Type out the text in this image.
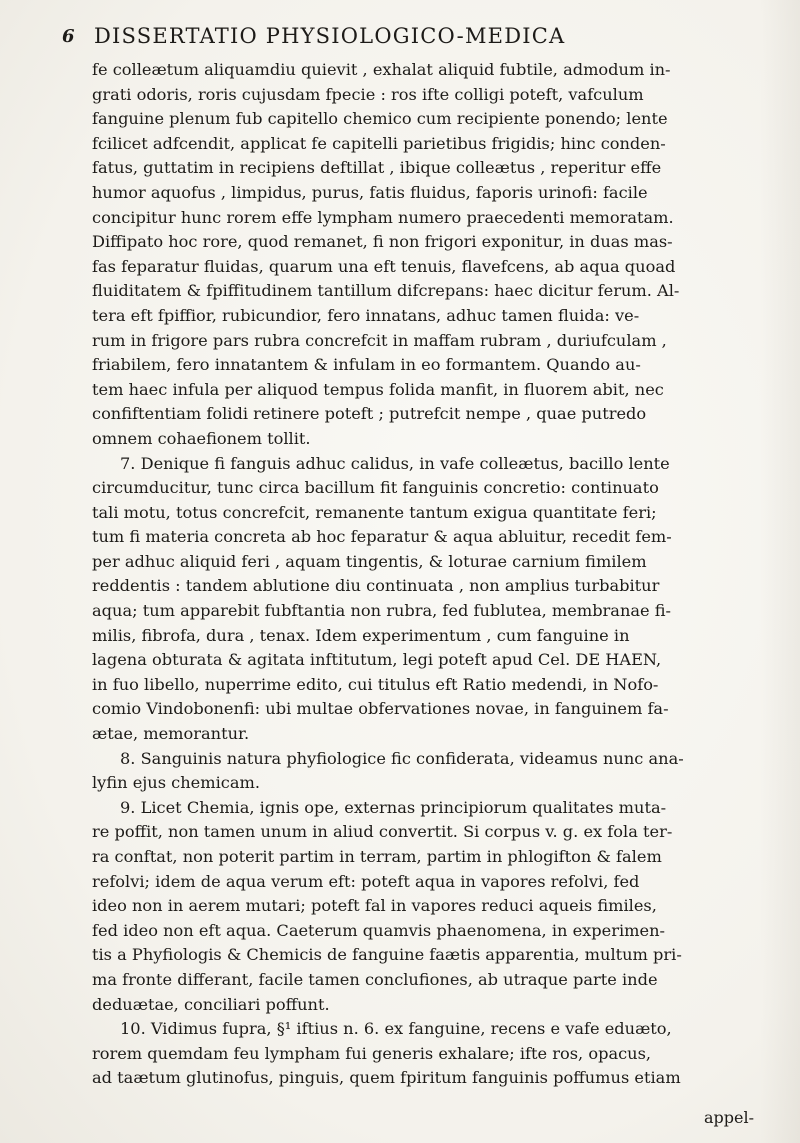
6 DISSERTATIO PHYSIOLOGICO-MEDICA
fe colleætum aliquamdiu quievit , exhalat aliquid fubtile, admodum in-
grati odoris, roris cujusdam fpecie : ros ifte colligi poteft, vafculum
fanguine plenum fub capitello chemico cum recipiente ponendo; lente
fcilicet adfcendit, applicat fe capitelli parietibus frigidis; hinc conden-
fatus, guttatim in recipiens deftillat , ibique colleætus , reperitur effe
humor aquofus , limpidus, purus, fatis fluidus, faporis urinofi: facile
concipitur hunc rorem effe lympham numero praecedenti memoratam.
Diffipato hoc rore, quod remanet, fi non frigori exponitur, in duas mas-
fas feparatur fluidas, quarum una eft tenuis, flavefcens, ab aqua quoad
fluiditatem & fpiffitudinem tantillum difcrepans: haec dicitur ferum. Al-
tera eft fpiffior, rubicundior, fero innatans, adhuc tamen fluida: ve-
rum in frigore pars rubra concrefcit in maffam rubram , duriufculam ,
friabilem, fero innatantem & infulam in eo formantem. Quando au-
tem haec infula per aliquod tempus folida manfit, in fluorem abit, nec
confiftentiam folidi retinere poteft ; putrefcit nempe , quae putredo
omnem cohaefionem tollit.
7. Denique fi fanguis adhuc calidus, in vafe colleætus, bacillo lente
circumducitur, tunc circa bacillum fit fanguinis concretio: continuato
tali motu, totus concrefcit, remanente tantum exigua quantitate feri;
tum fi materia concreta ab hoc feparatur & aqua abluitur, recedit fem-
per adhuc aliquid feri , aquam tingentis, & loturae carnium fimilem
reddentis : tandem ablutione diu continuata , non amplius turbabitur
aqua; tum apparebit fubftantia non rubra, fed fublutea, membranae fi-
milis, fibrofa, dura , tenax. Idem experimentum , cum fanguine in
lagena obturata & agitata inftitutum, legi poteft apud Cel. DE HAEN,
in fuo libello, nuperrime edito, cui titulus eft Ratio medendi, in Nofo-
comio Vindobonenfi: ubi multae obfervationes novae, in fanguinem fa-
ætae, memorantur.
8. Sanguinis natura phyfiologice fic confiderata, videamus nunc ana-
lyfin ejus chemicam.
9. Licet Chemia, ignis ope, externas principiorum qualitates muta-
re poffit, non tamen unum in aliud convertit. Si corpus v. g. ex fola ter-
ra conftat, non poterit partim in terram, partim in phlogifton & falem
refolvi; idem de aqua verum eft: poteft aqua in vapores refolvi, fed
ideo non in aerem mutari; poteft fal in vapores reduci aqueis fimiles,
fed ideo non eft aqua. Caeterum quamvis phaenomena, in experimen-
tis a Phyfiologis & Chemicis de fanguine faætis apparentia, multum pri-
ma fronte differant, facile tamen conclufiones, ab utraque parte inde
deduætae, conciliari poffunt.
10. Vidimus fupra, §¹ iftius n. 6. ex fanguine, recens e vafe eduæto,
rorem quemdam feu lympham fui generis exhalare; ifte ros, opacus,
ad taætum glutinofus, pinguis, quem fpiritum fanguinis poffumus etiam
appel-
